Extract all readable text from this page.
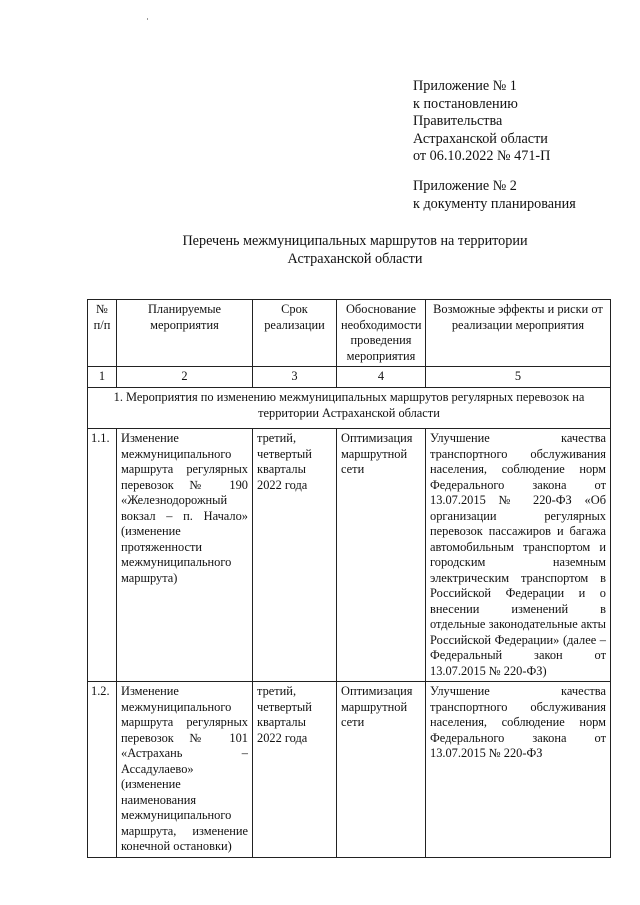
Приложение № 1
к постановлению
Правительства
Астраханской области
от 06.10.2022 № 471-П
Приложение № 2
к документу планирования
Перечень межмуниципальных маршрутов на территории
Астраханской области
№ п/п	Планируемые мероприятия	Срок реализации	Обоснование необходимости проведения мероприятия	Возможные эффекты и риски от реализации мероприятия
1	2	3	4	5
1. Мероприятия по изменению межмуниципальных маршрутов регулярных перевозок на территории Астраханской области				
1.1.	Изменение межмуниципального маршрута регулярных перевозок № 190 «Железнодорожный вокзал – п. Начало» (изменение протяженности межмуниципального маршрута)	третий, четвертый кварталы 2022 года	Оптимизация маршрутной сети	Улучшение качества транспортного обслуживания населения, соблюдение норм Федерального закона от 13.07.2015 № 220-ФЗ «Об организации регулярных перевозок пассажиров и багажа автомобильным транспортом и городским наземным электрическим транспортом в Российской Федерации и о внесении изменений в отдельные законодательные акты Российской Федерации» (далее – Федеральный закон от 13.07.2015 № 220-ФЗ)
1.2.	Изменение межмуниципального маршрута регулярных перевозок № 101 «Астрахань – Ассадулаево» (изменение наименования межмуниципального маршрута, изменение конечной остановки)	третий, четвертый кварталы 2022 года	Оптимизация маршрутной сети	Улучшение качества транспортного обслуживания населения, соблюдение норм Федерального закона от 13.07.2015 № 220-ФЗ
